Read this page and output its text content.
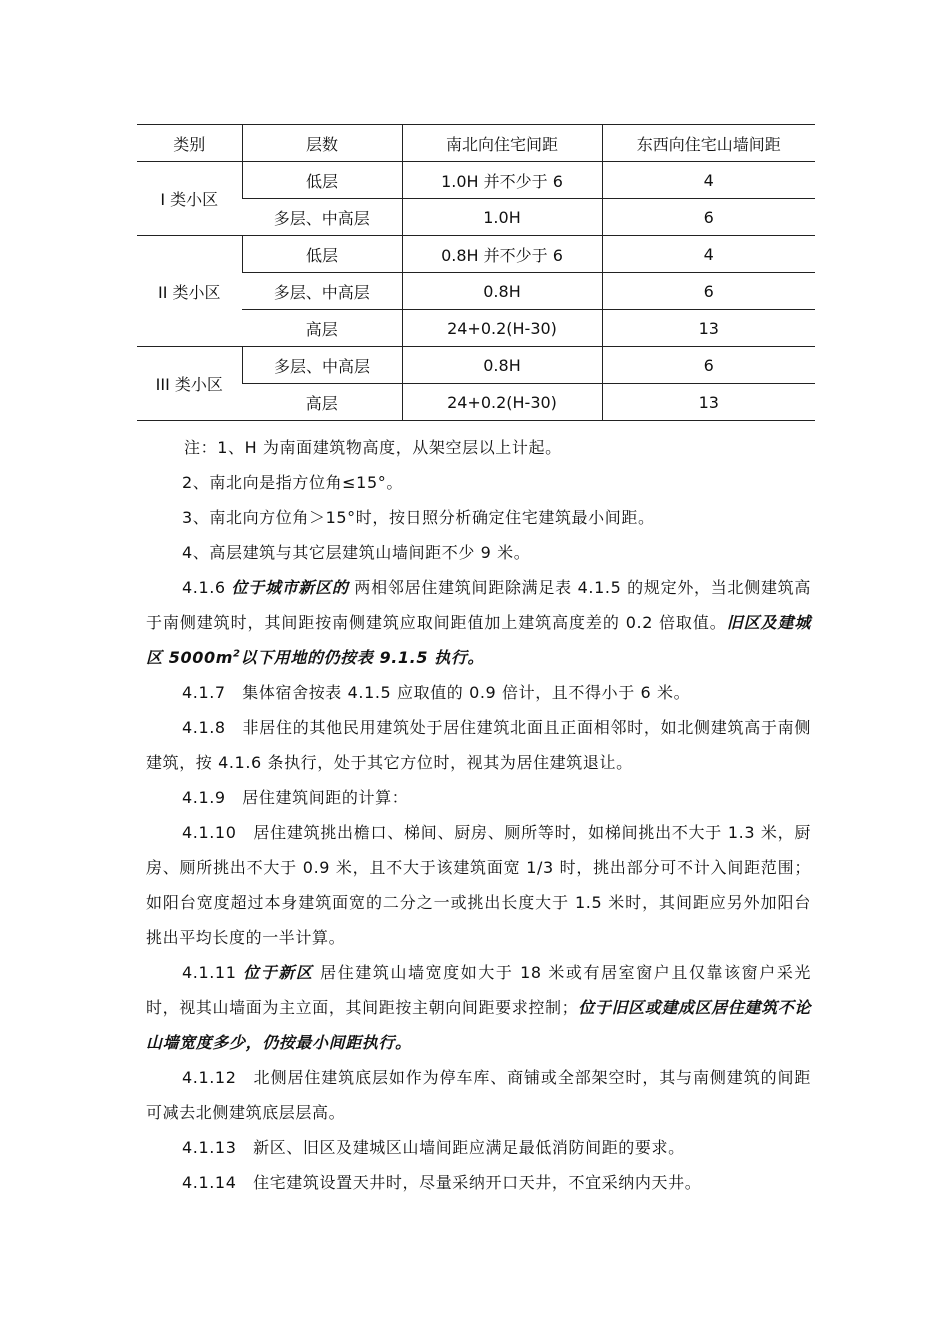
类别	层数	南北向住宅间距	东西向住宅山墙间距
I 类小区	低层	1.0H 并不少于 6	4
	多层、中高层	1.0H	6
II 类小区	低层	0.8H 并不少于 6	4
	多层、中高层	0.8H	6
	高层	24+0.2(H-30)	13
III 类小区	多层、中高层	0.8H	6
	高层	24+0.2(H-30)	13

注：1、H 为南面建筑物高度，从架空层以上计起。

2、南北向是指方位角≤15°。

3、南北向方位角＞15°时，按日照分析确定住宅建筑最小间距。

4、高层建筑与其它层建筑山墙间距不少 9 米。

4.1.6 位于城市新区的 两相邻居住建筑间距除满足表 4.1.5 的规定外，当北侧建筑高于南侧建筑时，其间距按南侧建筑应取间距值加上建筑高度差的 0.2 倍取值。旧区及建城区 $5000m^2$以下用地的仍按表 9.1.5 执行。

4.1.7　集体宿舍按表 4.1.5 应取值的 0.9 倍计，且不得小于 6 米。

4.1.8　非居住的其他民用建筑处于居住建筑北面且正面相邻时，如北侧建筑高于南侧建筑，按 4.1.6 条执行，处于其它方位时，视其为居住建筑退让。

4.1.9　居住建筑间距的计算：

4.1.10　居住建筑挑出檐口、梯间、厨房、厕所等时，如梯间挑出不大于 1.3 米，厨房、厕所挑出不大于 0.9 米，且不大于该建筑面宽 1/3 时，挑出部分可不计入间距范围；如阳台宽度超过本身建筑面宽的二分之一或挑出长度大于 1.5 米时，其间距应另外加阳台挑出平均长度的一半计算。

4.1.11 位于新区 居住建筑山墙宽度如大于 18 米或有居室窗户且仅靠该窗户采光时，视其山墙面为主立面，其间距按主朝向间距要求控制；位于旧区或建成区居住建筑不论山墙宽度多少，仍按最小间距执行。

4.1.12　北侧居住建筑底层如作为停车库、商铺或全部架空时，其与南侧建筑的间距可减去北侧建筑底层层高。

4.1.13　新区、旧区及建城区山墙间距应满足最低消防间距的要求。

4.1.14　住宅建筑设置天井时，尽量采纳开口天井，不宜采纳内天井。
